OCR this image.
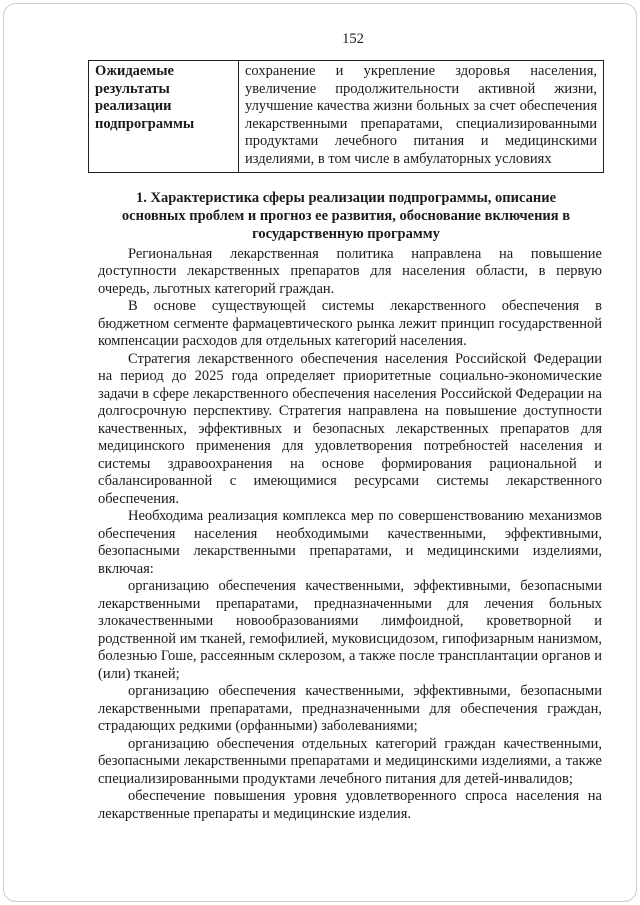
152
Ожидаемые результаты реализации подпрограммы	сохранение и укрепление здоровья населения, увеличение продолжительности активной жизни, улучшение качества жизни больных за счет обеспечения лекарственными препаратами, специализированными продуктами лечебного питания и медицинскими изделиями, в том числе в амбулаторных условиях
1. Характеристика сферы реализации подпрограммы, описание основных проблем и прогноз ее развития, обоснование включения в государственную программу

Региональная лекарственная политика направлена на повышение доступности лекарственных препаратов для населения области, в первую очередь, льготных категорий граждан.

В основе существующей системы лекарственного обеспечения в бюджетном сегменте фармацевтического рынка лежит принцип государственной компенсации расходов для отдельных категорий населения.

Стратегия лекарственного обеспечения населения Российской Федерации на период до 2025 года определяет приоритетные социально-экономические задачи в сфере лекарственного обеспечения населения Российской Федерации на долгосрочную перспективу. Стратегия направлена на повышение доступности качественных, эффективных и безопасных лекарственных препаратов для медицинского применения для удовлетворения потребностей населения и системы здравоохранения на основе формирования рациональной и сбалансированной с имеющимися ресурсами системы лекарственного обеспечения.

Необходима реализация комплекса мер по совершенствованию механизмов обеспечения населения необходимыми качественными, эффективными, безопасными лекарственными препаратами, и медицинскими изделиями, включая:

организацию обеспечения качественными, эффективными, безопасными лекарственными препаратами, предназначенными для лечения больных злокачественными новообразованиями лимфоидной, кроветворной и родственной им тканей, гемофилией, муковисцидозом, гипофизарным нанизмом, болезнью Гоше, рассеянным склерозом, а также после трансплантации органов и (или) тканей;

организацию обеспечения качественными, эффективными, безопасными лекарственными препаратами, предназначенными для обеспечения граждан, страдающих редкими (орфанными) заболеваниями;

организацию обеспечения отдельных категорий граждан качественными, безопасными лекарственными препаратами и медицинскими изделиями, а также специализированными продуктами лечебного питания для детей-инвалидов;

обеспечение повышения уровня удовлетворенного спроса населения на лекарственные препараты и медицинские изделия.
